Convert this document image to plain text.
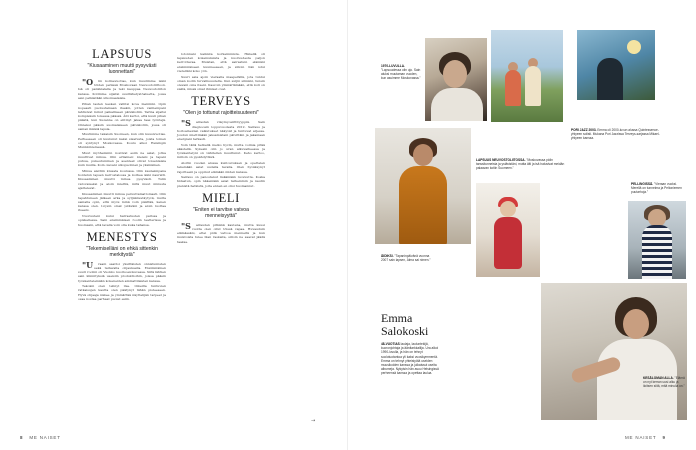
LAPSUUS
"Kiusaaminen muutti pysyvästi luonnettani"

"Olin kolmevuotias, kun muutimme isäni töiden perässä Moskovaan Neuvostoliittoon. Isä oli pankkialalla ja teki kauppaa Neuvostoliiton kanssa. Kotimme sijaitsi suurlähetystöaluetta, jossa asui pelkästään ulkomaalaisia.

Pihan lasten kesken vallitsi kova meininki. Opin nopeasti puolustamaan itseäni, jotten vanhempani lahtisivat minut paikalliseen päiväkotiin. Tarina sijaitsi kompleksin toisessa päässä. Äiti kertoi, että kuuli pihan päästä, kun Suzanne on ehtinyt jakaa taas lyöntejä. Onneksi pääsin suomalaiseen päiväkotiin, jossa oli saman ikäisiä lapsia.

Muutimme takaisin Suomeen, kun olin kuusivuotias. Perheeseen oli kuulunut kaksi sisarusta, joista toinen oli syntynyt Moskovassa. Koulu alkoi Helsingin Munkkiniemessä.

Muut myöhemmin nostivat esiin ne asiat, jotka muuttivat minua. Olin erilainen: kieleni ja tapani puhua, pukeutuminen ja asenteet olivat toisenlaisia kuin muilla. Koin olevani ulkopuolinen ja yksinäinen.

Minua alettiin kiusata koulussa. Olin kauneimpana hoidetun lapsen kerrostalossa ja korkea ääni nauratti. Kiusaaminen muutti minua pysyvästi. Tulin varovaiseksi ja aloin miettiä, mitä muut minusta ajattelevat.

Kiusaaminen muutti minua peruuttamattomasti. Olin tapahtuneen jälkeen arka ja syrjäänvetäytyvä, mutta samalla opin, että myös minä voin päättää, kenen kanssa olen. Löysin omat ystäväni ja aloin luottaa itseeni.

Nuoruuteni kului harrastusten parissa ja opiskellessa. Sain ensimmäisen roolin teatterissa ja huomasin, että lavalla voin olla kuka tahansa.

MENESTYS
"Tekemiselläni on ehkä sittenkin merkitystä"

"Uraani saattoi yksittäisten onnistumisten sekä taitavalla ohjauksella. Ensimmäinen suuri roolini oli Vuokko nuorisoelokuvassa. Siitä lähtien sain kiinnityksiä useisiin produktioihin, joissa pääsin työskentelemään kokeneiden ammattilaisten kanssa.

Tekoäni olen tehnyt itse. Oikeilta tuntuvien ratkaisujen kautta olen päätynyt tähän pisteeseen. Hyvä ohjaaja näkee ja ymmärtää näyttelijän tarpeet ja osaa nostaa parhaat puolet esiin.

lotonnani kaikista korkeimmista. Hänellä oli lapsuuden kokemuksista ja nuoruudesta paljon kerrottavaa. Muistan, että sairastuin elämäni ensimmäiseen kuumeeseen, ja silloin hän istui vierelläni koko yön.

Suuri asia ajoin vieraalla maaperällä, jota tuntui oman kodin turvallisuudelta. Kun suljin silmäni, tunsin olevani oma itseni. Kasvoin ymmärtämään, että koti on siellä, missä omat ihmiset ovat.

TERVEYS
"Olen jo tottunut rajoitteisuuteeni"

"Sairastan viisymyosiittityyppiä. Sain diagnoosin loppuvuodesta 2012. Sairaus ja hoitoaineiden vaikutukset näkyvät ja tuntuvat arjessa. Joudun miettimään jaksamistani päivittäin ja jakamaan energiani tarkasti.

Voin tällä hetkellä melko hyvin, mutta voimia pitää säästellä. Sykesin olin jo uran alkuvaiheessa ja työskentelyni on vähitellen muuttunut. Keho kertoo, milloin on pysähdyttävä.

Aloitin vuoden alussa kuntoutuksen ja opettelen tekemään asiat uudella tavalla. Olen hyväksynyt rajoitteeni ja oppinut elämään niiden kanssa.

Sairaus on panostanut lisäämään luovuutta. Koska hidastun, opin näkemään asiat tarkemmin ja nautin pienistä hetkistä, joita ennen en olisi huomannut.

MIELI
"Eniten ei tarvitse vatvoa menneisyyttä"

"Sairauden pitkänä kautena, mutta kuusi vuotta olen ollut töissä vapaa. Huvauduin elämässäni, ettei pidä vatvoa menneitä ja kun muistoista tulee liian raskaita, silloin ne saavat jäädä taakse.

8 ME NAISET
→
1970-LUVULLA. "Lapsuudessa olin ujo. Sain aluksi muutaman vuoden, kun asuimme Moskovassa."
PORI JAZZ 2003. Emma oli 2000-luvun alussa Quintessence-yhtyeen solisti. Mukana Pori Jazzissa Terveys-sarjassa Mikael-yhtyeen kanssa.
LAPSUUS NEUVOSTOLIITOSSA. "Moskovassa pidin tanssitunneista ja ystävistäni, mutta äiti ja isä halusivat meidän palaavan kotiin Suomeen."
PELLINGISSÄ. "Vieraan vuoksi. Merellä on tunnelma ja Peltoniemen puutarhoja."
ÄIDIKSI. "Tapaninpäivänä vuonna 2007 sain lapsen, Alma sai nimen."
KESÄLOMAN ALLA. "Elämä on nyt kerran uusi alku ja iloitsen siitä, mitä minulla on."
Emma Salokoski
48-VUOTIAS laulaja, lauluntekijä, kuoronjohtaja ja äänitarkkailija. Ura alkoi 1990-luvulla, ja hän on tehnyt soolotuotantoa yli kaksi vuosikymmentä. Emma on tehnyt yhteistyötä useiden muusikoiden kanssa ja julkaissut useita albumeja. Nykyisin hän asuu Helsingissä perheensä kanssa ja opettaa laulua.
ME NAISET 9
